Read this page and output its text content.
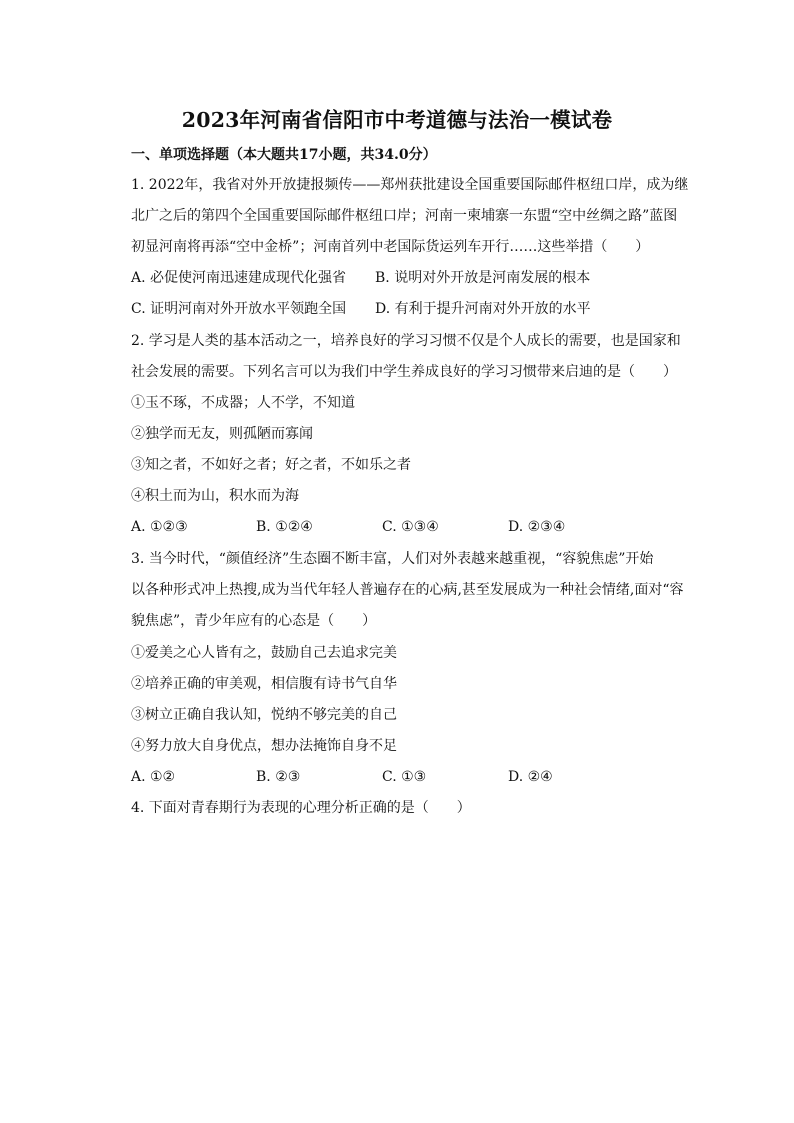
2023年河南省信阳市中考道德与法治一模试卷
一、单项选择题（本大题共17小题，共34.0分）
1. 2022年，我省对外开放捷报频传——郑州获批建设全国重要国际邮件枢纽口岸，成为继
北广之后的第四个全国重要国际邮件枢纽口岸；河南一柬埔寨一东盟“空中丝绸之路”蓝图
初显河南将再添“空中金桥”；河南首列中老国际货运列车开行……这些举措（　　）
A. 必促使河南迅速建成现代化强省 B. 说明对外开放是河南发展的根本
C. 证明河南对外开放水平领跑全国 D. 有利于提升河南对外开放的水平
2. 学习是人类的基本活动之一，培养良好的学习习惯不仅是个人成长的需要，也是国家和
社会发展的需要。下列名言可以为我们中学生养成良好的学习习惯带来启迪的是（　　）
①玉不琢，不成器；人不学，不知道
②独学而无友，则孤陋而寡闻
③知之者，不如好之者；好之者，不如乐之者
④积土而为山，积水而为海
A. ①②③	B. ①②④	C. ①③④	D. ②③④
3. 当今时代，“颜值经济”生态圈不断丰富，人们对外表越来越重视，“容貌焦虑”开始
以各种形式冲上热搜,成为当代年轻人普遍存在的心病,甚至发展成为一种社会情绪,面对“容
貌焦虑”，青少年应有的心态是（　　）
①爱美之心人皆有之，鼓励自己去追求完美
②培养正确的审美观，相信腹有诗书气自华
③树立正确自我认知，悦纳不够完美的自己
④努力放大自身优点，想办法掩饰自身不足
A. ①②	B. ②③	C. ①③	D. ②④
4. 下面对青春期行为表现的心理分析正确的是（　　）
